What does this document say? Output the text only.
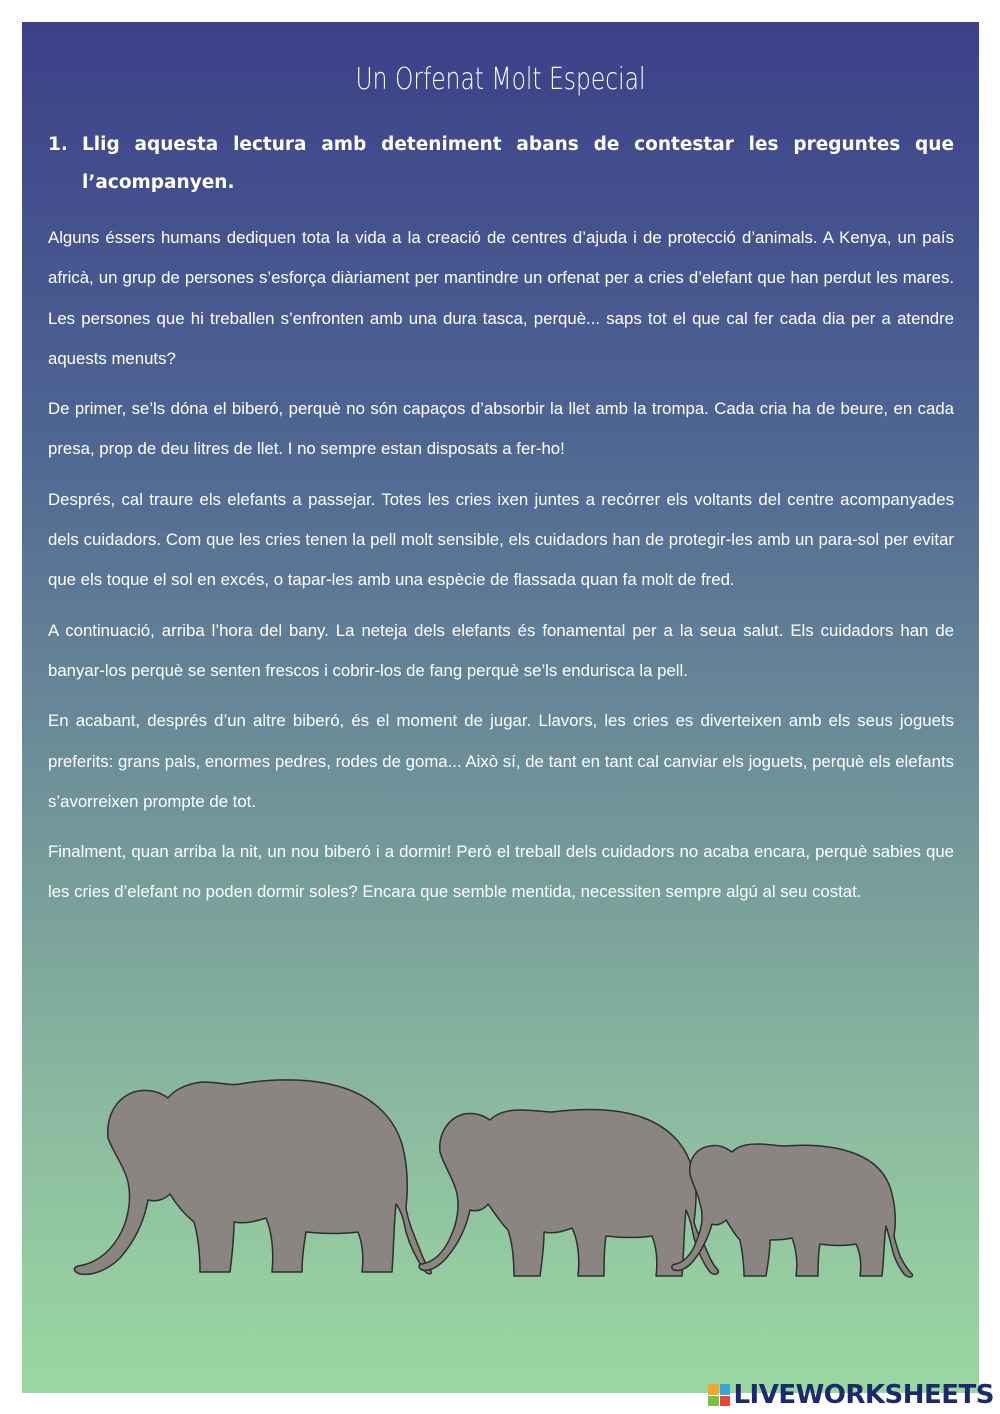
Un Orfenat Molt Especial
1. Llig aquesta lectura amb deteniment abans de contestar les preguntes que l’acompanyen.

Alguns éssers humans dediquen tota la vida a la creació de centres d’ajuda i de protecció d’animals. A Kenya, un país africà, un grup de persones s’esforça diàriament per mantindre un orfenat per a cries d’elefant que han perdut les mares. Les persones que hi treballen s’enfronten amb una dura tasca, perquè... saps tot el que cal fer cada dia per a atendre aquests menuts?

De primer, se’ls dóna el biberó, perquè no són capaços d’absorbir la llet amb la trompa. Cada cria ha de beure, en cada presa, prop de deu litres de llet. I no sempre estan disposats a fer-ho!

Després, cal traure els elefants a passejar. Totes les cries ixen juntes a recórrer els voltants del centre acompanyades dels cuidadors. Com que les cries tenen la pell molt sensible, els cuidadors han de protegir-les amb un para-sol per evitar que els toque el sol en excés, o tapar-les amb una espècie de flassada quan fa molt de fred.

A continuació, arriba l’hora del bany. La neteja dels elefants és fonamental per a la seua salut. Els cuidadors han de banyar-los perquè se senten frescos i cobrir-los de fang perquè se’ls endurisca la pell.

En acabant, després d’un altre biberó, és el moment de jugar. Llavors, les cries es diverteixen amb els seus joguets preferits: grans pals, enormes pedres, rodes de goma... Això sí, de tant en tant cal canviar els joguets, perquè els elefants s’avorreixen prompte de tot.

Finalment, quan arriba la nit, un nou biberó i a dormir! Però el treball dels cuidadors no acaba encara, perquè sabies que les cries d’elefant no poden dormir soles? Encara que semble mentida, necessiten sempre algú al seu costat.

LIVEWORKSHEETS
